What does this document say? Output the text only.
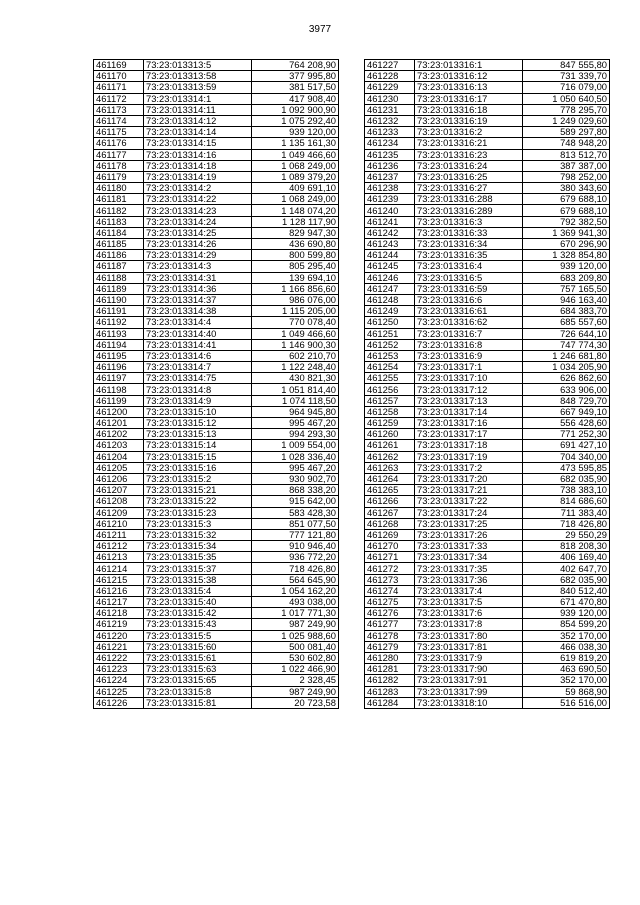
3977
461169	73:23:013313:5	764 208,90
461170	73:23:013313:58	377 995,80
461171	73:23:013313:59	381 517,50
461172	73:23:013314:1	417 908,40
461173	73:23:013314:11	1 092 900,90
461174	73:23:013314:12	1 075 292,40
461175	73:23:013314:14	939 120,00
461176	73:23:013314:15	1 135 161,30
461177	73:23:013314:16	1 049 466,60
461178	73:23:013314:18	1 068 249,00
461179	73:23:013314:19	1 089 379,20
461180	73:23:013314:2	409 691,10
461181	73:23:013314:22	1 068 249,00
461182	73:23:013314:23	1 148 074,20
461183	73:23:013314:24	1 128 117,90
461184	73:23:013314:25	829 947,30
461185	73:23:013314:26	436 690,80
461186	73:23:013314:29	800 599,80
461187	73:23:013314:3	805 295,40
461188	73:23:013314:31	139 694,10
461189	73:23:013314:36	1 166 856,60
461190	73:23:013314:37	986 076,00
461191	73:23:013314:38	1 115 205,00
461192	73:23:013314:4	770 078,40
461193	73:23:013314:40	1 049 466,60
461194	73:23:013314:41	1 146 900,30
461195	73:23:013314:6	602 210,70
461196	73:23:013314:7	1 122 248,40
461197	73:23:013314:75	430 821,30
461198	73:23:013314:8	1 051 814,40
461199	73:23:013314:9	1 074 118,50
461200	73:23:013315:10	964 945,80
461201	73:23:013315:12	995 467,20
461202	73:23:013315:13	994 293,30
461203	73:23:013315:14	1 009 554,00
461204	73:23:013315:15	1 028 336,40
461205	73:23:013315:16	995 467,20
461206	73:23:013315:2	930 902,70
461207	73:23:013315:21	868 338,20
461208	73:23:013315:22	915 642,00
461209	73:23:013315:23	583 428,30
461210	73:23:013315:3	851 077,50
461211	73:23:013315:32	777 121,80
461212	73:23:013315:34	910 946,40
461213	73:23:013315:35	936 772,20
461214	73:23:013315:37	718 426,80
461215	73:23:013315:38	564 645,90
461216	73:23:013315:4	1 054 162,20
461217	73:23:013315:40	493 038,00
461218	73:23:013315:42	1 017 771,30
461219	73:23:013315:43	987 249,90
461220	73:23:013315:5	1 025 988,60
461221	73:23:013315:60	500 081,40
461222	73:23:013315:61	530 602,80
461223	73:23:013315:63	1 022 466,90
461224	73:23:013315:65	2 328,45
461225	73:23:013315:8	987 249,90
461226	73:23:013315:81	20 723,58
461227	73:23:013316:1	847 555,80
461228	73:23:013316:12	731 339,70
461229	73:23:013316:13	716 079,00
461230	73:23:013316:17	1 050 640,50
461231	73:23:013316:18	778 295,70
461232	73:23:013316:19	1 249 029,60
461233	73:23:013316:2	589 297,80
461234	73:23:013316:21	748 948,20
461235	73:23:013316:23	813 512,70
461236	73:23:013316:24	387 387,00
461237	73:23:013316:25	798 252,00
461238	73:23:013316:27	380 343,60
461239	73:23:013316:288	679 688,10
461240	73:23:013316:289	679 688,10
461241	73:23:013316:3	792 382,50
461242	73:23:013316:33	1 369 941,30
461243	73:23:013316:34	670 296,90
461244	73:23:013316:35	1 328 854,80
461245	73:23:013316:4	939 120,00
461246	73:23:013316:5	683 209,80
461247	73:23:013316:59	757 165,50
461248	73:23:013316:6	946 163,40
461249	73:23:013316:61	684 383,70
461250	73:23:013316:62	685 557,60
461251	73:23:013316:7	726 644,10
461252	73:23:013316:8	747 774,30
461253	73:23:013316:9	1 246 681,80
461254	73:23:013317:1	1 034 205,90
461255	73:23:013317:10	626 862,60
461256	73:23:013317:12	633 906,00
461257	73:23:013317:13	848 729,70
461258	73:23:013317:14	667 949,10
461259	73:23:013317:16	556 428,60
461260	73:23:013317:17	771 252,30
461261	73:23:013317:18	691 427,10
461262	73:23:013317:19	704 340,00
461263	73:23:013317:2	473 595,85
461264	73:23:013317:20	682 035,90
461265	73:23:013317:21	738 383,10
461266	73:23:013317:22	814 686,60
461267	73:23:013317:24	711 383,40
461268	73:23:013317:25	718 426,80
461269	73:23:013317:26	29 550,29
461270	73:23:013317:33	818 208,30
461271	73:23:013317:34	406 169,40
461272	73:23:013317:35	402 647,70
461273	73:23:013317:36	682 035,90
461274	73:23:013317:4	840 512,40
461275	73:23:013317:5	671 470,80
461276	73:23:013317:6	939 120,00
461277	73:23:013317:8	854 599,20
461278	73:23:013317:80	352 170,00
461279	73:23:013317:81	466 038,30
461280	73:23:013317:9	619 819,20
461281	73:23:013317:90	463 690,50
461282	73:23:013317:91	352 170,00
461283	73:23:013317:99	59 868,90
461284	73:23:013318:10	516 516,00
